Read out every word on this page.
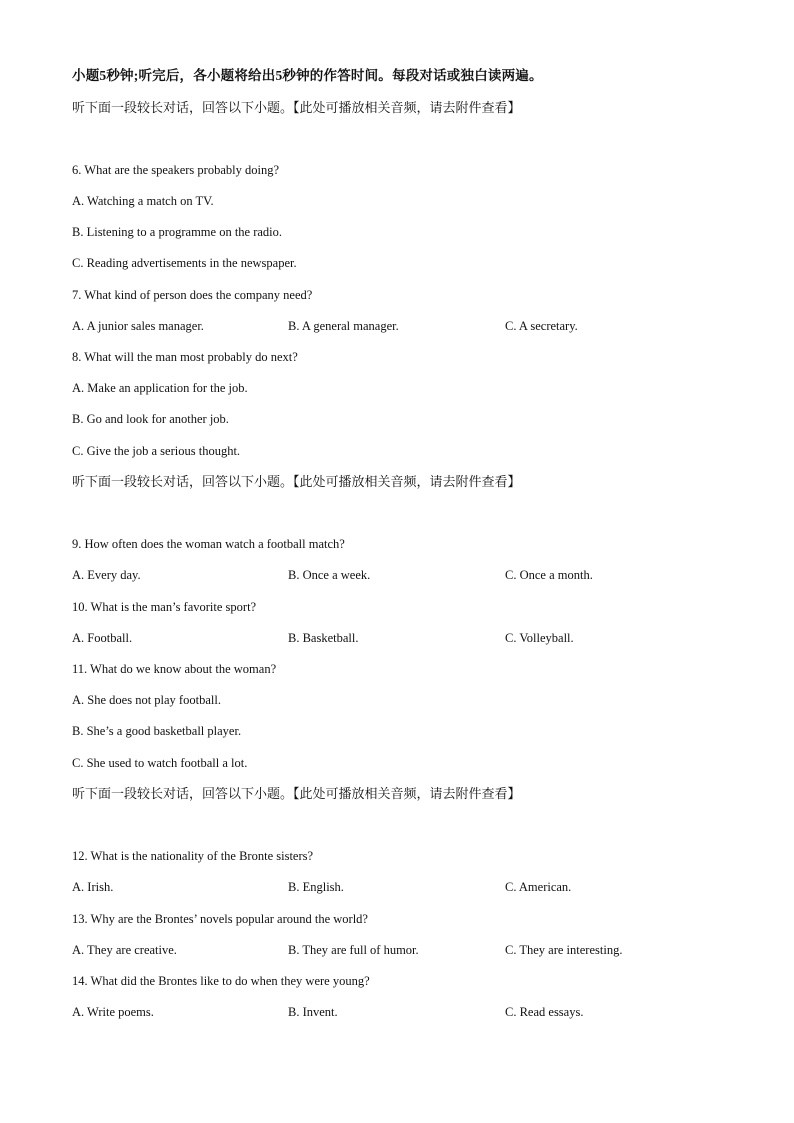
小题5秒钟;听完后，各小题将给出5秒钟的作答时间。每段对话或独白读两遍。
听下面一段较长对话，回答以下小题。【此处可播放相关音频，请去附件查看】
6. What are the speakers probably doing?
A. Watching a match on TV.
B. Listening to a programme on the radio.
C. Reading advertisements in the newspaper.
7. What kind of person does the company need?
A. A junior sales manager.	B. A general manager.	C. A secretary.
8. What will the man most probably do next?
A. Make an application for the job.
B. Go and look for another job.
C. Give the job a serious thought.
听下面一段较长对话，回答以下小题。【此处可播放相关音频，请去附件查看】
9. How often does the woman watch a football match?
A. Every day.	B. Once a week.	C. Once a month.
10. What is the man’s favorite sport?
A. Football.	B. Basketball.	C. Volleyball.
11. What do we know about the woman?
A. She does not play football.
B. She’s a good basketball player.
C. She used to watch football a lot.
听下面一段较长对话，回答以下小题。【此处可播放相关音频，请去附件查看】
12. What is the nationality of the Bronte sisters?
A. Irish.	B. English.	C. American.
13. Why are the Brontes’ novels popular around the world?
A. They are creative.	B. They are full of humor.	C. They are interesting.
14. What did the Brontes like to do when they were young?
A. Write poems.	B. Invent.	C. Read essays.
